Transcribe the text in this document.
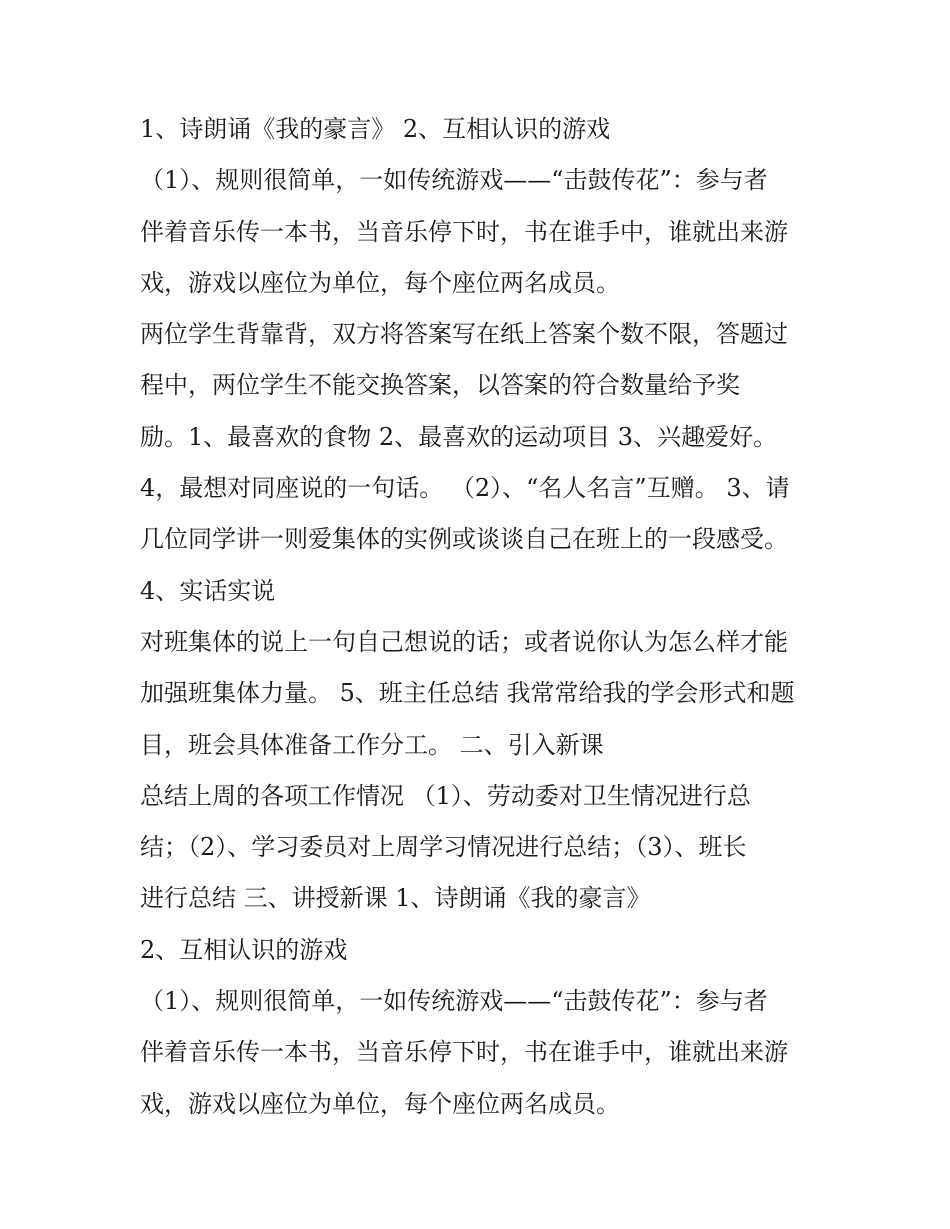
1、诗朗诵《我的豪言》 2、互相认识的游戏
（1）、规则很简单，一如传统游戏——“击鼓传花”：参与者
伴着音乐传一本书，当音乐停下时，书在谁手中，谁就出来游
戏，游戏以座位为单位，每个座位两名成员。
两位学生背靠背，双方将答案写在纸上答案个数不限，答题过
程中，两位学生不能交换答案，以答案的符合数量给予奖
励。1、最喜欢的食物 2、最喜欢的运动项目 3、兴趣爱好。
4，最想对同座说的一句话。 （2）、“名人名言”互赠。 3、请
几位同学讲一则爱集体的实例或谈谈自己在班上的一段感受。
4、实话实说
对班集体的说上一句自己想说的话；或者说你认为怎么样才能
加强班集体力量。 5、班主任总结 我常常给我的学会形式和题
目，班会具体准备工作分工。 二、引入新课
总结上周的各项工作情况 （1）、劳动委对卫生情况进行总
结；（2）、学习委员对上周学习情况进行总结；（3）、班长
进行总结 三、讲授新课 1、诗朗诵《我的豪言》
2、互相认识的游戏
（1）、规则很简单，一如传统游戏——“击鼓传花”：参与者
伴着音乐传一本书，当音乐停下时，书在谁手中，谁就出来游
戏，游戏以座位为单位，每个座位两名成员。
